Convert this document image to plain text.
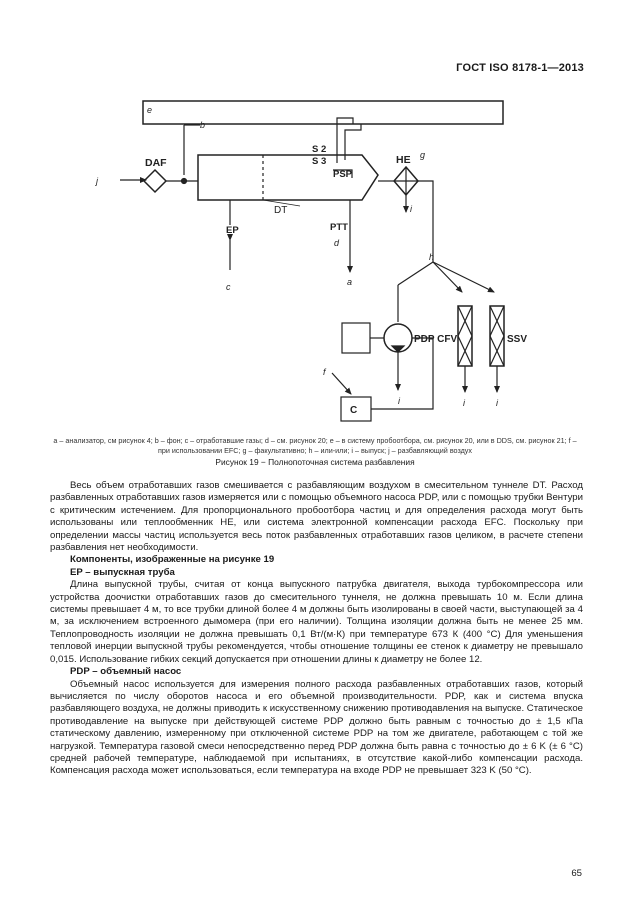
ГОСТ ISO 8178-1—2013
e
b
j
DAF
S 2
S 3	HE g
PSP
DT
EP
c
PTT
d
a
h
PDP CFV	SSV
f
i	i	i
i
C
a – анализатор, см рисунок 4; b – фон; c – отработавшие газы; d – см. рисунок 20; e – в систему пробоотбора, см. рисунок 20, или в DDS, см. рисунок 21; f – при использовании EFC; g – факультативно; h – или-или; i – выпуск; j – разбавляющий воздух
Рисунок 19 − Полнопоточная система разбавления

Весь объем отработавших газов смешивается с разбавляющим воздухом в смесительном туннеле DT. Расход разбавленных отработавших газов измеряется или с помощью объемного насоса PDP, или с помощью трубки Вентури с критическим истечением. Для пропорционального пробоотбора частиц и для определения расхода могут быть использованы или теплообменник HE, или система электронной компенсации расхода EFC. Поскольку при определении массы частиц используется весь поток разбавленных отработавших газов целиком, в расчете степени разбавления нет необходимости.

Компоненты, изображенные на рисунке 19
EP – выпускная труба

Длина выпускной трубы, считая от конца выпускного патрубка двигателя, выхода турбокомпрессора или устройства доочистки отработавших газов до смесительного туннеля, не должна превышать 10 м. Если длина системы превышает 4 м, то все трубки длиной более 4 м должны быть изолированы в своей части, выступающей за 4 м, за исключением встроенного дымомера (при его наличии). Толщина изоляции должна быть не менее 25 мм. Теплопроводность изоляции не должна превышать 0,1 Вт/(м·К) при температуре 673 К (400 °C) Для уменьшения тепловой инерции выпускной трубы рекомендуется, чтобы отношение толщины ее стенок к диаметру не превышало 0,015. Использование гибких секций допускается при отношении длины к диаметру не более 12.

PDP – объемный насос

Объемный насос используется для измерения полного расхода разбавленных отработавших газов, который вычисляется по числу оборотов насоса и его объемной производительности. PDP, как и система впуска разбавляющего воздуха, не должны приводить к искусственному снижению противодавления на выпуске. Статическое противодавление на выпуске при действующей системе PDP должно быть равным с точностью до ± 1,5 кПа статическому давлению, измеренному при отключенной системе PDP на том же двигателе, работающем с той же нагрузкой. Температура газовой смеси непосредственно перед PDP должна быть равна с точностью до ± 6 K (± 6 °C) средней рабочей температуре, наблюдаемой при испытаниях, в отсутствие какой-либо компенсации расхода. Компенсация расхода может использоваться, если температура на входе PDP не превышает 323 K (50 °C).

65
